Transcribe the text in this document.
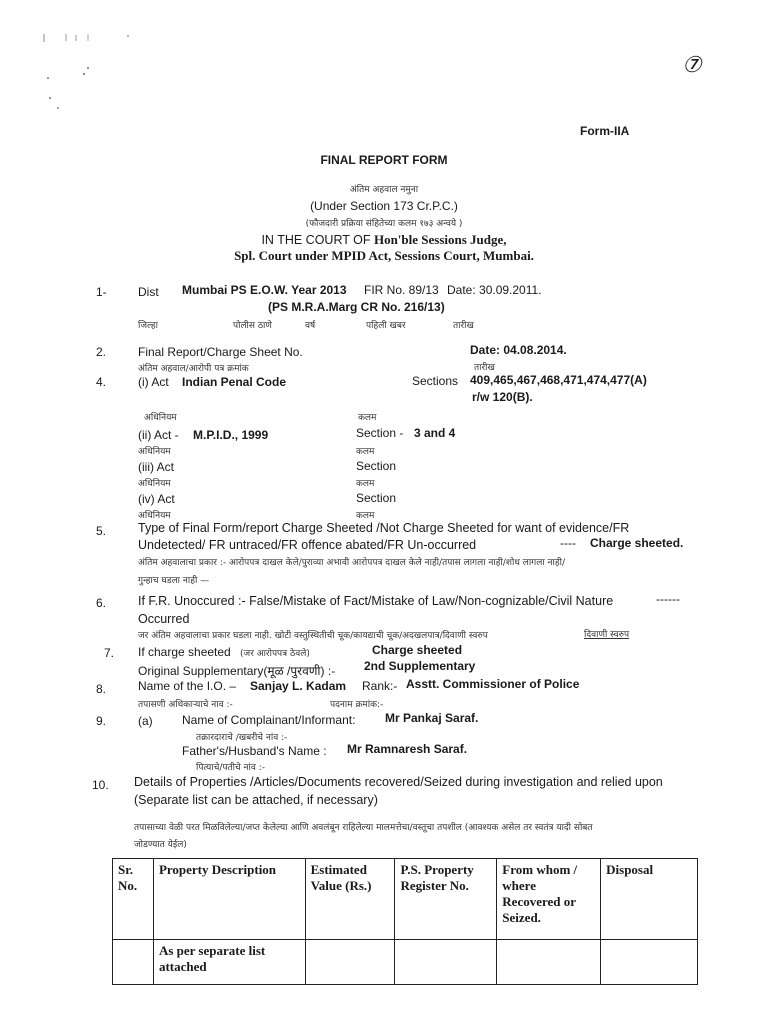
⑦
Form-IIA
FINAL REPORT FORM
अंतिम अहवाल नमुना
(Under Section 173 Cr.P.C.)
(फौजदारी प्रक्रिया संहितेच्या कलम १७३ अन्वये )
IN THE COURT OF Hon'ble Sessions Judge,
Spl. Court under MPID Act, Sessions Court, Mumbai.
1-	Dist Mumbai PS E.O.W. Year 2013 FIR No. 89/13 Date: 30.09.2011.
(PS M.R.A.Marg CR No. 216/13)
जिल्हा	पोलीस ठाणे	वर्ष	पहिली खबर	तारीख
2.	Final Report/Charge Sheet No.
अंतिम अहवाल/आरोपी पत्र क्रमांक
Date: 04.08.2014.
तारीख
4.	(i) Act Indian Penal Code	Sections 409,465,467,468,471,474,477(A)
r/w 120(B).
अधिनियम	कलम
(ii) Act - M.P.I.D., 1999	Section - 3 and 4
अधिनियम	कलम
(iii) Act	Section
अधिनियम	कलम
(iv) Act	Section
अधिनियम	कलम
5.	Type of Final Form/report Charge Sheeted /Not Charge Sheeted for want of evidence/FR
Undetected/ FR untraced/FR offence abated/FR Un-occurred	---- Charge sheeted.
अंतिम अहवालाचा प्रकार :- आरोपपत्र दाखल केले/पुराव्या अभावी आरोपपत्र दाखल केले नाही/तपास लागला नाही/शोध लागला नाही/
गुन्हाच घडला नाही —
6.	If F.R. Unoccured :- False/Mistake of Fact/Mistake of Law/Non-cognizable/Civil Nature	------
Occurred
जर अंतिम अहवालाचा प्रकार घडला नाही. खोटी वस्तुस्थितीची चूक/कायद्याची चूक/अदखलपात्र/दिवाणी स्वरुप	दिवाणी स्वरुप
7. If charge sheeted (जर आरोपपत्र ठेवले)	Charge sheeted
Original Supplementary(मूळ /पुरवणी) :- 2nd Supplementary
8.	Name of the I.O. – Sanjay L. Kadam Rank:- Asstt. Commissioner of Police
तपासणी अधिकाऱ्याचे नाव :-	पदनाम क्रमांक:-
9.	(a) Name of Complainant/Informant: Mr Pankaj Saraf.
तक्रारदाराचे /खबरीचे नांव :-
Father's/Husband's Name : Mr Ramnaresh Saraf.
पित्याचे/पतीचे नांव :-
10. Details of Properties /Articles/Documents recovered/Seized during investigation and relied upon
(Separate list can be attached, if necessary)
तपासाच्या वेळी परत मिळविलेल्या/जप्त केलेल्या आणि अवलंबून राहिलेल्या मालमत्तेचा/वस्तूचा तपशील (आवश्यक असेल तर स्वतंत्र यादी सोबत
जोडण्यात येईल)
Sr. No.	Property Description	Estimated Value (Rs.)	P.S. Property Register No.	From whom / where Recovered or Seized.	Disposal
	As per separate list attached				
